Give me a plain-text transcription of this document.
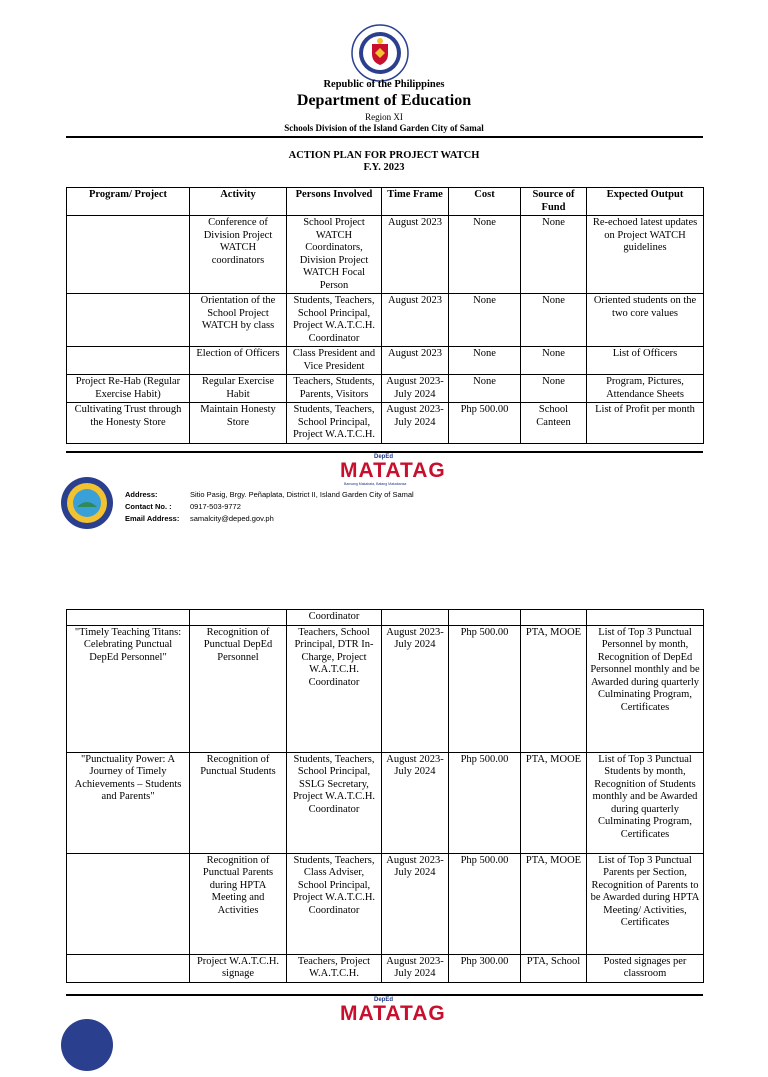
Republic of the Philippines
Department of Education
Region XI
Schools Division of the Island Garden City of Samal
ACTION PLAN FOR PROJECT WATCH
F.Y. 2023
Program/ Project	Activity	Persons Involved	Time Frame	Cost	Source of Fund	Expected Output
	Conference of Division Project WATCH coordinators	School Project WATCH Coordinators, Division Project WATCH Focal Person	August 2023	None	None	Re-echoed latest updates on Project WATCH guidelines
	Orientation of the School Project WATCH by class	Students, Teachers, School Principal, Project W.A.T.C.H. Coordinator	August 2023	None	None	Oriented students on the two core values
	Election of Officers	Class President and Vice President	August 2023	None	None	List of Officers
Project Re-Hab (Regular Exercise Habit)	Regular Exercise Habit	Teachers, Students, Parents, Visitors	August 2023-July 2024	None	None	Program, Pictures, Attendance Sheets
Cultivating Trust through the Honesty Store	Maintain Honesty Store	Students, Teachers, School Principal, Project W.A.T.C.H.	August 2023-July 2024	Php 500.00	School Canteen	List of Profit per month
DepEd
MATATAG
Bansang Makabata, Batang Makabansa
Address:	Sitio Pasig, Brgy. Peñaplata, District II, Island Garden City of Samal
Contact No. : 0917-503-9772
Email Address: samalcity@deped.gov.ph
		Coordinator				
"Timely Teaching Titans: Celebrating Punctual DepEd Personnel"	Recognition of Punctual DepEd Personnel	Teachers, School Principal, DTR In-Charge, Project W.A.T.C.H. Coordinator	August 2023-July 2024	Php 500.00	PTA, MOOE	List of Top 3 Punctual Personnel by month, Recognition of DepEd Personnel monthly and be Awarded during quarterly Culminating Program, Certificates
"Punctuality Power: A Journey of Timely Achievements – Students and Parents"	Recognition of Punctual Students	Students, Teachers, School Principal, SSLG Secretary, Project W.A.T.C.H. Coordinator	August 2023-July 2024	Php 500.00	PTA, MOOE	List of Top 3 Punctual Students by month, Recognition of Students monthly and be Awarded during quarterly Culminating Program, Certificates
	Recognition of Punctual Parents during HPTA Meeting and Activities	Students, Teachers, Class Adviser, School Principal, Project W.A.T.C.H. Coordinator	August 2023-July 2024	Php 500.00	PTA, MOOE	List of Top 3 Punctual Parents per Section, Recognition of Parents to be Awarded during HPTA Meeting/ Activities, Certificates
	Project W.A.T.C.H. signage	Teachers, Project W.A.T.C.H.	August 2023-July 2024	Php 300.00	PTA, School	Posted signages per classroom
DepEd
MATATAG
